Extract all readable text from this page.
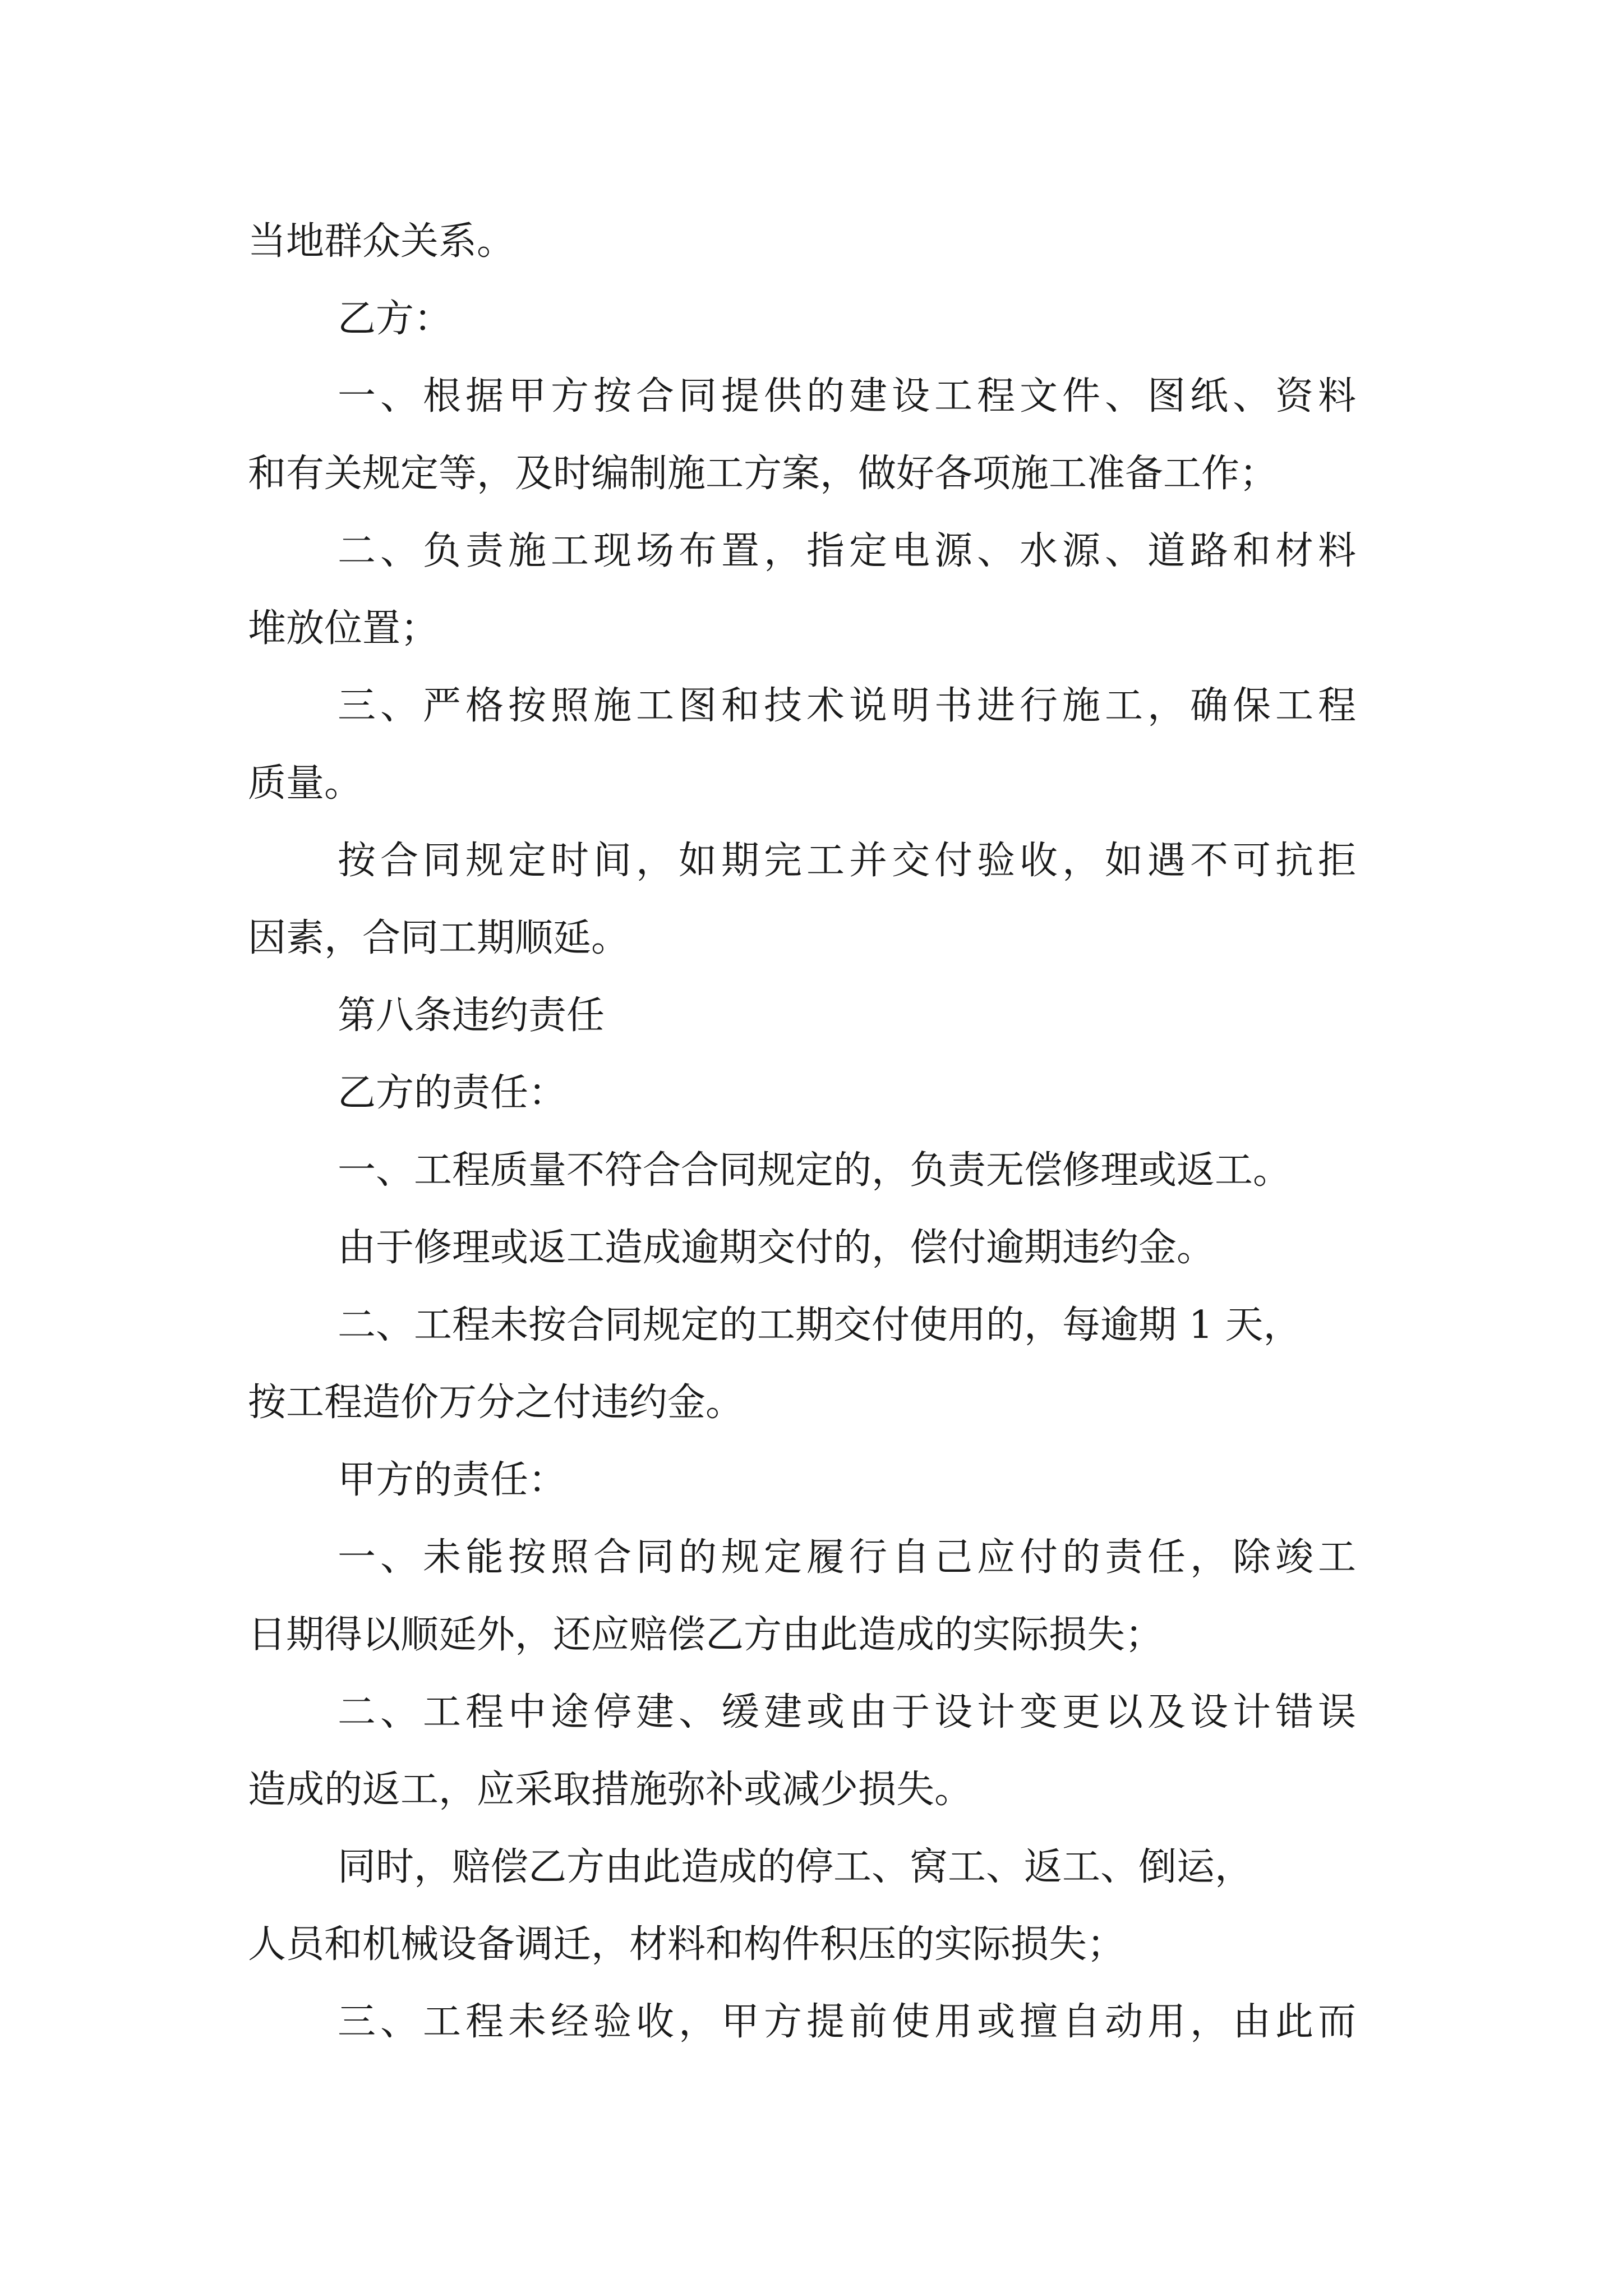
当地群众关系。

乙方：

一、根据甲方按合同提供的建设工程文件、图纸、资料

和有关规定等，及时编制施工方案，做好各项施工准备工作；

二、负责施工现场布置，指定电源、水源、道路和材料

堆放位置；

三、严格按照施工图和技术说明书进行施工，确保工程

质量。

按合同规定时间，如期完工并交付验收，如遇不可抗拒

因素，合同工期顺延。

第八条违约责任

乙方的责任：

一、工程质量不符合合同规定的，负责无偿修理或返工。

由于修理或返工造成逾期交付的，偿付逾期违约金。

二、工程未按合同规定的工期交付使用的，每逾期 1 天，

按工程造价万分之付违约金。

甲方的责任：

一、未能按照合同的规定履行自己应付的责任，除竣工

日期得以顺延外，还应赔偿乙方由此造成的实际损失；

二、工程中途停建、缓建或由于设计变更以及设计错误

造成的返工，应采取措施弥补或减少损失。

同时，赔偿乙方由此造成的停工、窝工、返工、倒运，

人员和机械设备调迁，材料和构件积压的实际损失；

三、工程未经验收，甲方提前使用或擅自动用，由此而
